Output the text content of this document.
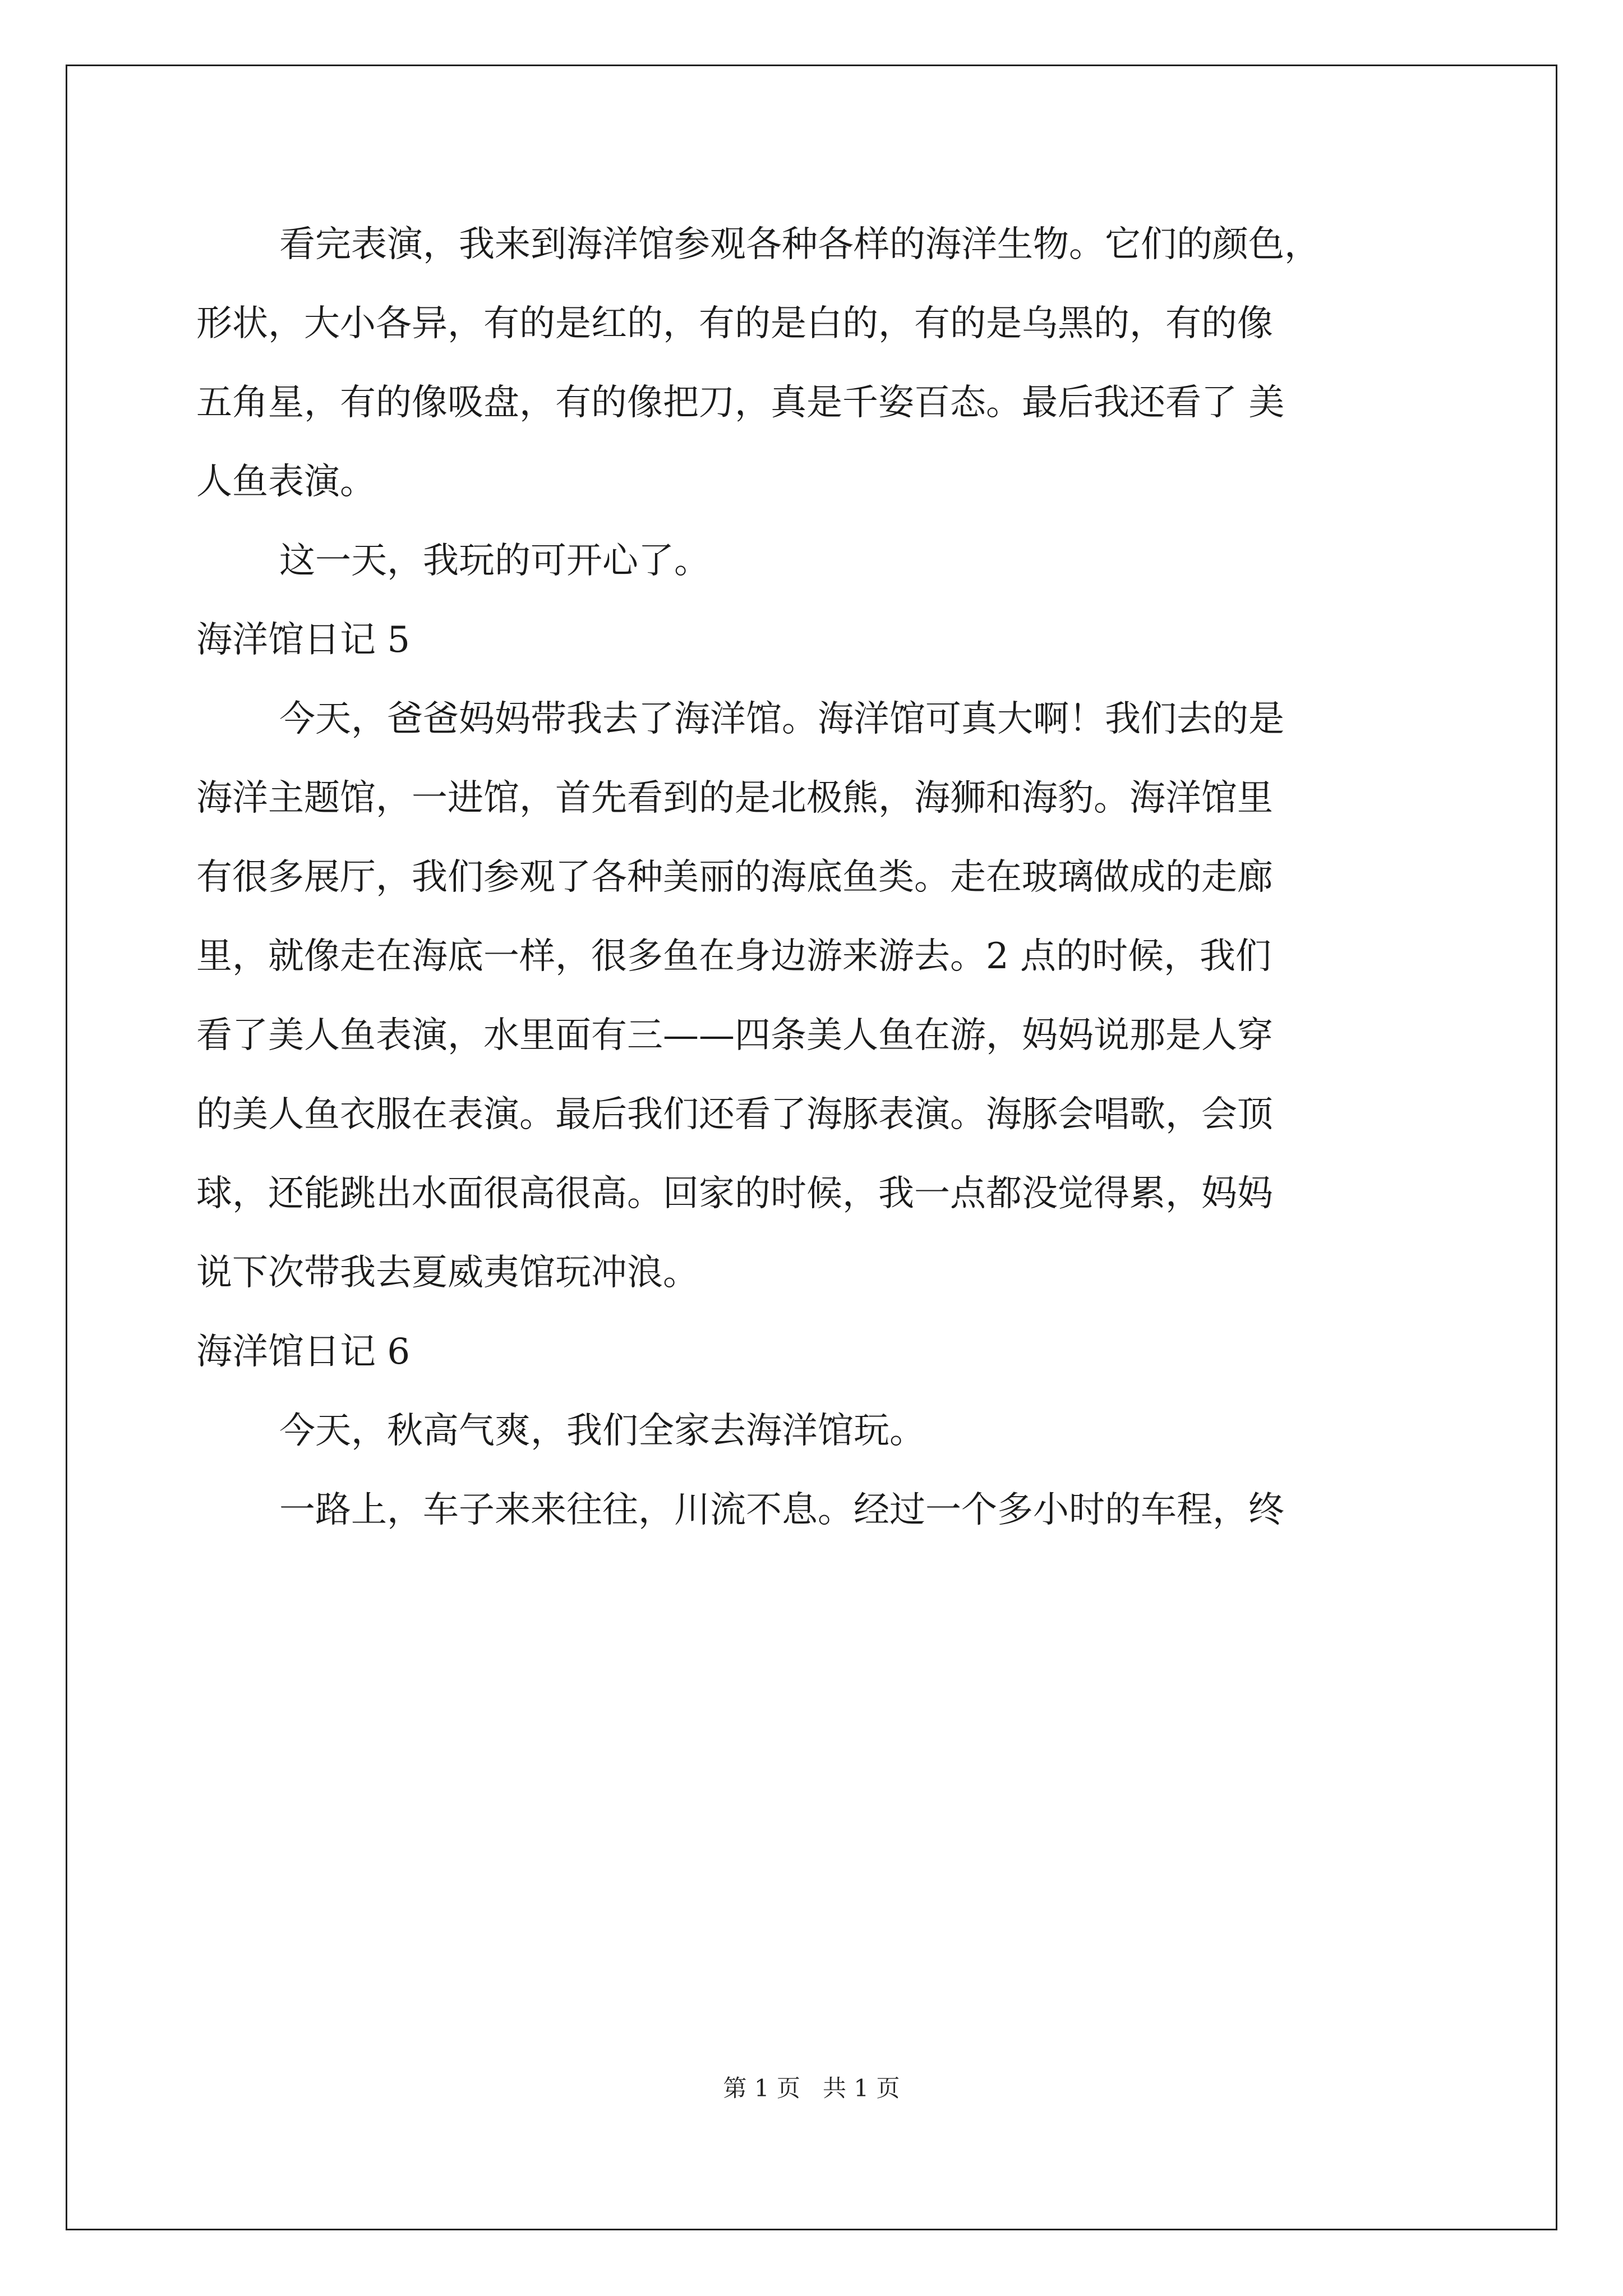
看完表演，我来到海洋馆参观各种各样的海洋生物。它们的颜色，
形状，大小各异，有的是红的，有的是白的，有的是乌黑的，有的像
五角星，有的像吸盘，有的像把刀，真是千姿百态。最后我还看了 美
人鱼表演。
这一天，我玩的可开心了。
海洋馆日记 5
今天，爸爸妈妈带我去了海洋馆。海洋馆可真大啊！我们去的是
海洋主题馆，一进馆，首先看到的是北极熊，海狮和海豹。海洋馆里
有很多展厅，我们参观了各种美丽的海底鱼类。走在玻璃做成的走廊
里，就像走在海底一样，很多鱼在身边游来游去。2 点的时候，我们
看了美人鱼表演，水里面有三——四条美人鱼在游，妈妈说那是人穿
的美人鱼衣服在表演。最后我们还看了海豚表演。海豚会唱歌，会顶
球，还能跳出水面很高很高。回家的时候，我一点都没觉得累，妈妈
说下次带我去夏威夷馆玩冲浪。
海洋馆日记 6
今天，秋高气爽，我们全家去海洋馆玩。
一路上，车子来来往往，川流不息。经过一个多小时的车程，终
第 1 页   共 1 页
